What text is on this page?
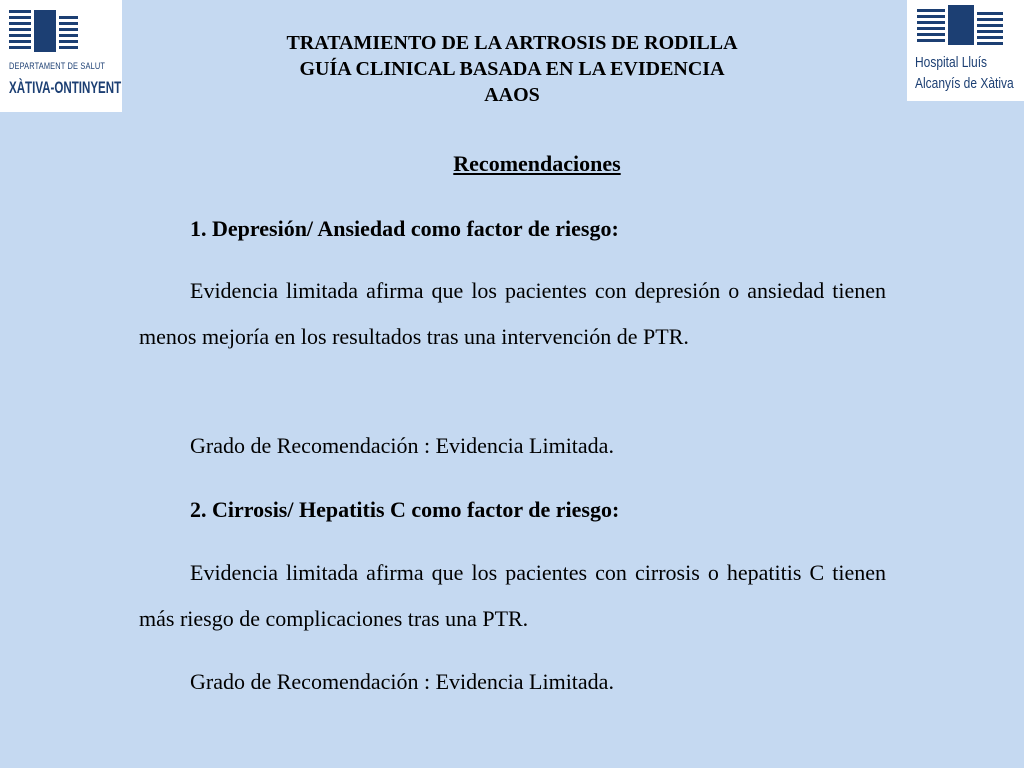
DEPARTAMENT DE SALUT
XÀTIVA-ONTINYENT
Hospital Lluís
Alcanyís de Xàtiva
TRATAMIENTO DE LA ARTROSIS DE RODILLA
GUÍA CLINICAL BASADA EN LA EVIDENCIA
AAOS
Recomendaciones

1. Depresión/ Ansiedad como factor de riesgo:

Evidencia limitada afirma que los pacientes con depresión o ansiedad tienen menos mejoría en los resultados tras una intervención de PTR.

Grado de Recomendación : Evidencia Limitada.

2. Cirrosis/ Hepatitis C como factor de riesgo:

Evidencia limitada afirma que los pacientes con cirrosis o hepatitis C tienen más riesgo de complicaciones tras una PTR.

Grado de Recomendación : Evidencia Limitada.
